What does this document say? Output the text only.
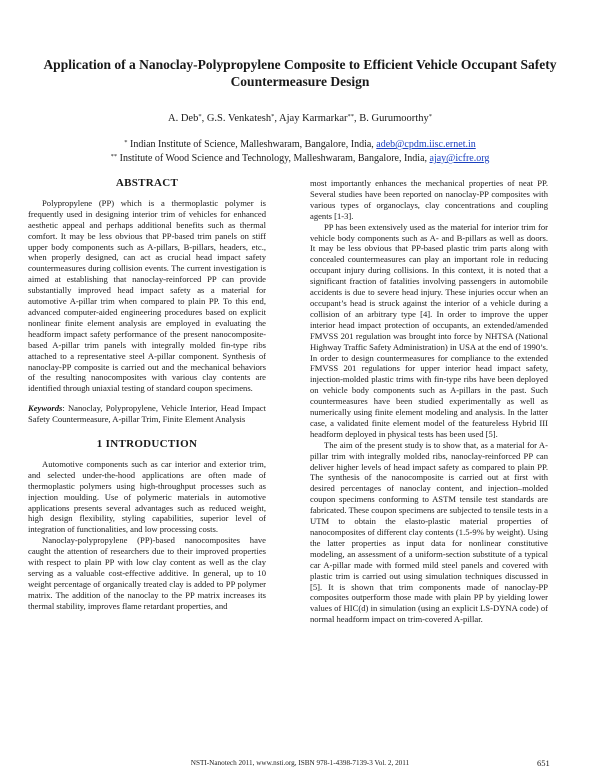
Application of a Nanoclay-Polypropylene Composite to Efficient Vehicle Occupant Safety Countermeasure Design
A. Deb*, G.S. Venkatesh*, Ajay Karmarkar**, B. Gurumoorthy*
* Indian Institute of Science, Malleshwaram, Bangalore, India, adeb@cpdm.iisc.ernet.in
** Institute of Wood Science and Technology, Malleshwaram, Bangalore, India, ajay@icfre.org
ABSTRACT

Polypropylene (PP) which is a thermoplastic polymer is frequently used in designing interior trim of vehicles for enhanced aesthetic appeal and perhaps additional benefits such as thermal comfort. It may be less obvious that PP-based trim panels on stiff upper body components such as A-pillars, B-pillars, headers, etc., when properly designed, can act as crucial head impact safety countermeasures during collision events. The current investigation is aimed at establishing that nanoclay-reinforced PP can provide substantially improved head impact safety as a material for automotive A-pillar trim when compared to plain PP. To this end, advanced computer-aided engineering procedures based on explicit nonlinear finite element analysis are employed in evaluating the headform impact safety performance of the present nanocomposite-based A-pillar trim panels with integrally molded fin-type ribs attached to a representative steel A-pillar component. Synthesis of nanoclay-PP composite is carried out and the mechanical behaviors of the resulting nanocomposites with various clay contents are identified through uniaxial testing of standard coupon specimens.

Keywords: Nanoclay, Polypropylene, Vehicle Interior, Head Impact Safety Countermeasure, A-pillar Trim, Finite Element Analysis

1 INTRODUCTION

Automotive components such as car interior and exterior trim, and selected under-the-hood applications are often made of thermoplastic polymers using high-throughput processes such as injection moulding. Use of polymeric materials in automotive applications presents several advantages such as reduced weight, high design flexibility, styling capabilities, superior level of integration of functionalities, and low processing costs.

Nanoclay-polypropylene (PP)-based nanocomposites have caught the attention of researchers due to their improved properties with respect to plain PP with low clay content as well as the clay serving as a valuable cost-effective additive. In general, up to 10 weight percentage of organically treated clay is added to PP polymer matrix. The addition of the nanoclay to the PP matrix increases its thermal stability, improves flame retardant properties, and

most importantly enhances the mechanical properties of neat PP. Several studies have been reported on nanoclay-PP composites with various types of organoclays, clay concentrations and coupling agents [1-3].

PP has been extensively used as the material for interior trim for vehicle body components such as A- and B-pillars as well as doors. It may be less obvious that PP-based plastic trim parts along with concealed countermeasures can play an important role in reducing occupant injury during collisions. In this context, it is noted that a significant fraction of fatalities involving passengers in automobile accidents is due to severe head injury. These injuries occur when an occupant’s head is struck against the interior of a vehicle during a collision of an arbitrary type [4]. In order to improve the upper interior head impact protection of occupants, an extended/amended FMVSS 201 regulation was brought into force by NHTSA (National Highway Traffic Safety Administration) in USA at the end of 1990’s. In order to design countermeasures for compliance to the extended FMVSS 201 regulations for upper interior head impact safety, injection-molded plastic trims with fin-type ribs have been deployed on vehicle body components such as A-pillars in the past. Such countermeasures have been studied experimentally as well as numerically using finite element modeling and analysis. In the latter case, a validated finite element model of the featureless Hybrid III headform deployed in physical tests has been used [5].

The aim of the present study is to show that, as a material for A-pillar trim with integrally molded ribs, nanoclay-reinforced PP can deliver higher levels of head impact safety as compared to plain PP. The synthesis of the nanocomposite is carried out at first with desired percentages of nanoclay content, and injection–molded coupon specimens conforming to ASTM tensile test standards are fabricated. These coupon specimens are subjected to tensile tests in a UTM to obtain the elasto-plastic material properties of nanocomposites of different clay contents (1.5-9% by weight). Using the latter properties as input data for nonlinear constitutive modeling, an assessment of a uniform-section substitute of a typical car A-pillar made with formed mild steel panels and covered with plastic trim is carried out using simulation techniques discussed in [5]. It is shown that trim components made of nanoclay-PP composites outperform those made with plain PP by yielding lower values of HIC(d) in simulation (using an explicit LS-DYNA code) of normal headform impact on trim-covered A-pillar.

NSTI-Nanotech 2011, www.nsti.org, ISBN 978-1-4398-7139-3 Vol. 2, 2011	651
